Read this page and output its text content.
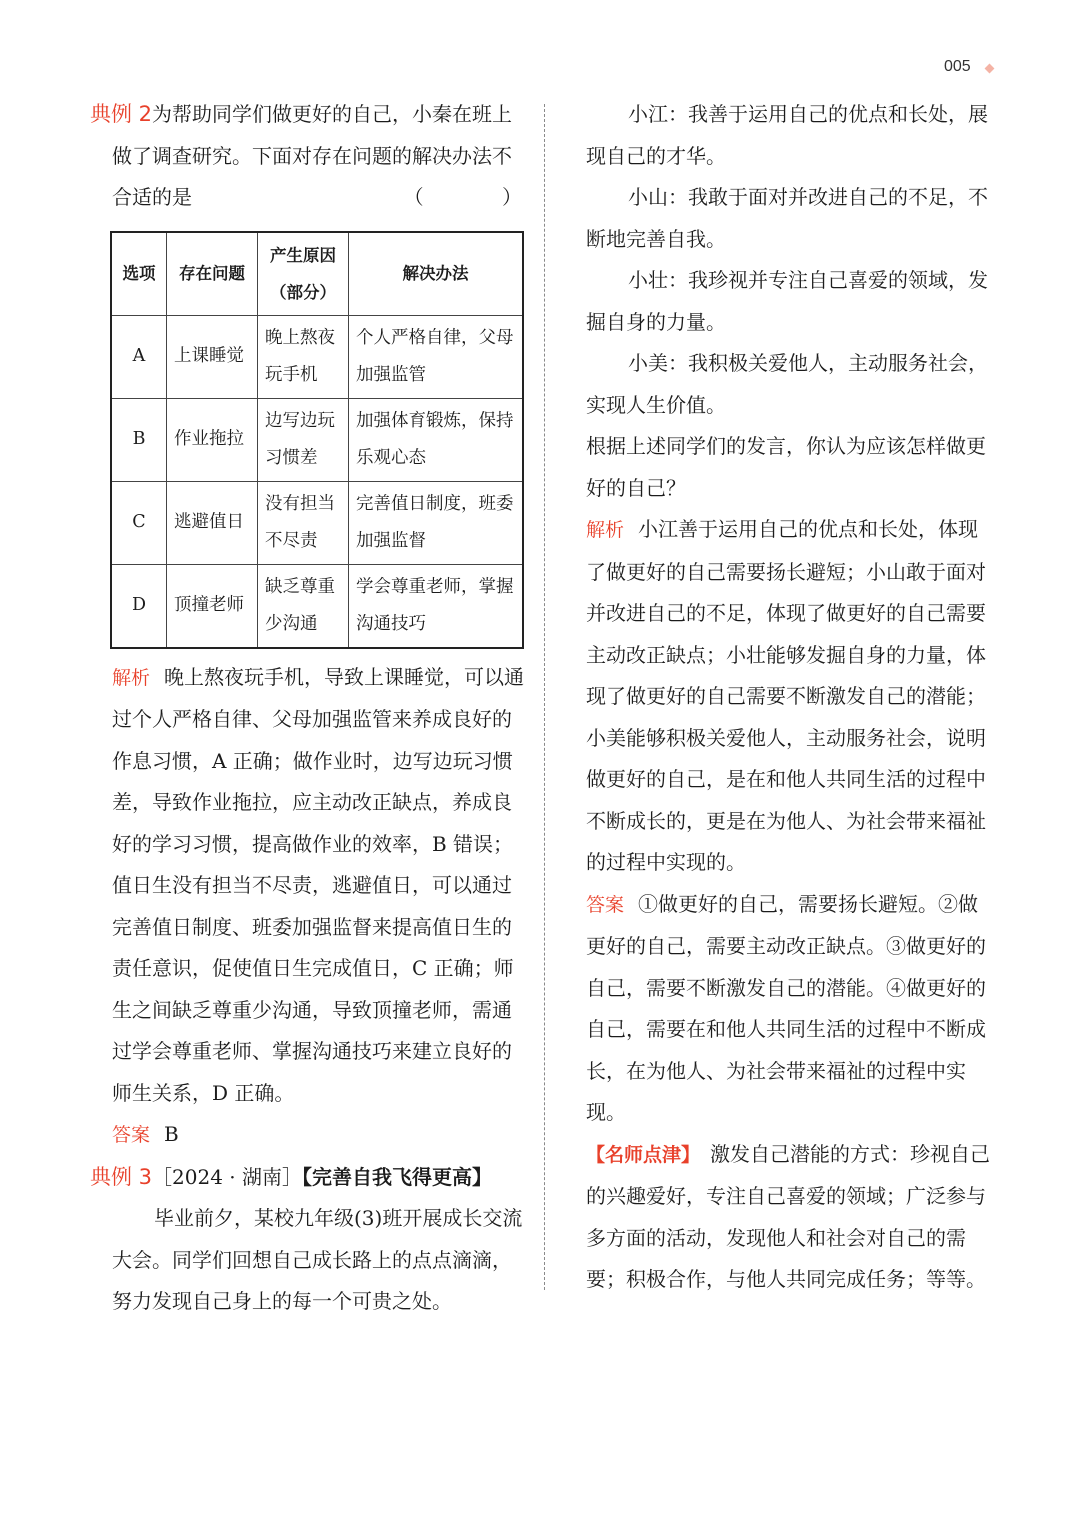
005

典例 2为帮助同学们做更好的自己，小秦在班上做了调查研究。下面对存在问题的解决办法不合适的是	（ ）

选项	存在问题	产生原因（部分）	解决办法
A	上课睡觉	晚上熬夜玩手机	个人严格自律，父母加强监管
B	作业拖拉	边写边玩习惯差	加强体育锻炼，保持乐观心态
C	逃避值日	没有担当不尽责	完善值日制度，班委加强监督
D	顶撞老师	缺乏尊重少沟通	学会尊重老师，掌握沟通技巧

解析 晚上熬夜玩手机，导致上课睡觉，可以通过个人严格自律、父母加强监管来养成良好的作息习惯，A 正确；做作业时，边写边玩习惯差，导致作业拖拉，应主动改正缺点，养成良好的学习习惯，提高做作业的效率，B 错误；值日生没有担当不尽责，逃避值日，可以通过完善值日制度、班委加强监督来提高值日生的责任意识，促使值日生完成值日，C 正确；师生之间缺乏尊重少沟通，导致顶撞老师，需通过学会尊重老师、掌握沟通技巧来建立良好的师生关系，D 正确。

答案 B

典例 3［2024 · 湖南］【完善自我飞得更高】

毕业前夕，某校九年级(3)班开展成长交流大会。同学们回想自己成长路上的点点滴滴，努力发现自己身上的每一个可贵之处。

小江：我善于运用自己的优点和长处，展现自己的才华。

小山：我敢于面对并改进自己的不足，不断地完善自我。

小壮：我珍视并专注自己喜爱的领域，发掘自身的力量。

小美：我积极关爱他人，主动服务社会，实现人生价值。

根据上述同学们的发言，你认为应该怎样做更好的自己？

解析 小江善于运用自己的优点和长处，体现了做更好的自己需要扬长避短；小山敢于面对并改进自己的不足，体现了做更好的自己需要主动改正缺点；小壮能够发掘自身的力量，体现了做更好的自己需要不断激发自己的潜能；小美能够积极关爱他人，主动服务社会，说明做更好的自己，是在和他人共同生活的过程中不断成长的，更是在为他人、为社会带来福祉的过程中实现的。

答案 ①做更好的自己，需要扬长避短。②做更好的自己，需要主动改正缺点。③做更好的自己，需要不断激发自己的潜能。④做更好的自己，需要在和他人共同生活的过程中不断成长，在为他人、为社会带来福祉的过程中实现。

【名师点津】 激发自己潜能的方式：珍视自己的兴趣爱好，专注自己喜爱的领域；广泛参与多方面的活动，发现他人和社会对自己的需要；积极合作，与他人共同完成任务；等等。
